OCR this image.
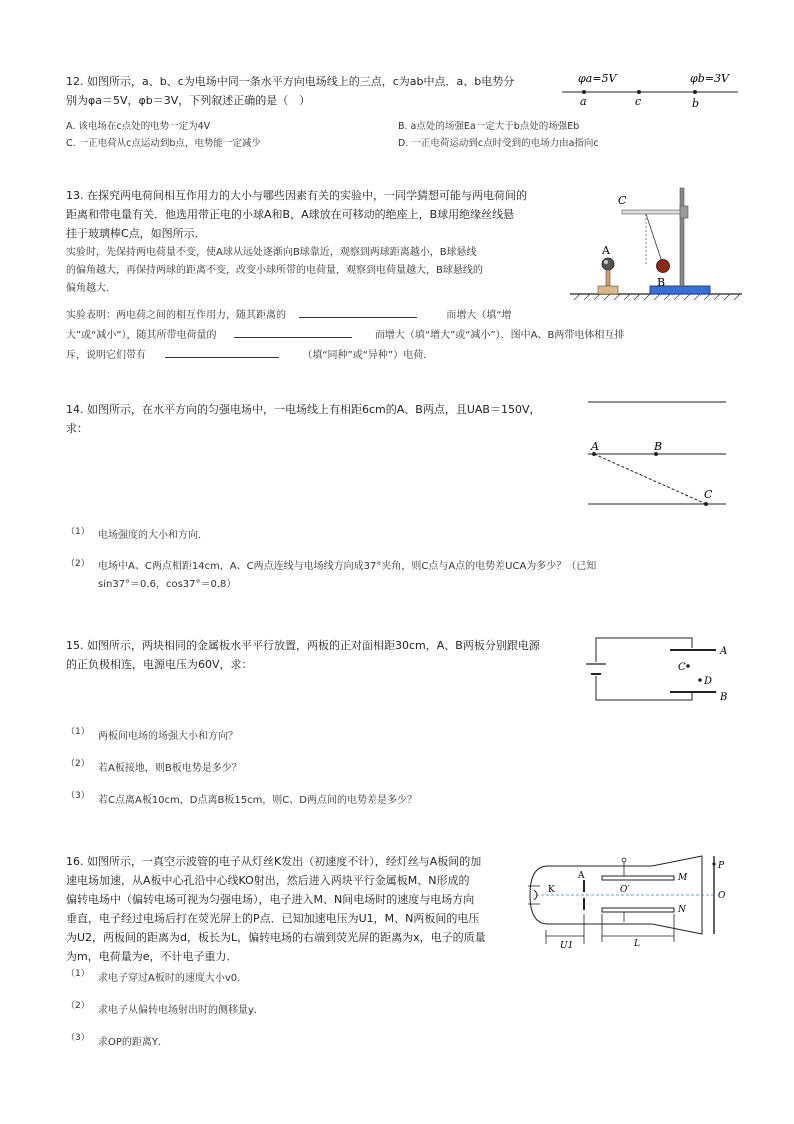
12. 如图所示，a、b、c为电场中同一条水平方向电场线上的三点，c为ab中点．a、b电势分
别为φa＝5V，φb＝3V，下列叙述正确的是（　）
φa=5V	φb=3V
a	c	b
A. 该电场在c点处的电势一定为4V	B. a点处的场强Ea一定大于b点处的场强Eb
C. 一正电荷从c点运动到b点，电势能一定减少	D. 一正电荷运动到c点时受到的电场力由a指向c
13. 在探究两电荷间相互作用力的大小与哪些因素有关的实验中，一同学猜想可能与两电荷间的
距离和带电量有关．他选用带正电的小球A和B，A球放在可移动的绝座上，B球用绝缘丝线悬
挂于玻璃棒C点，如图所示．
实验时，先保持两电荷量不变，使A球从远处逐渐向B球靠近，观察到两球距离越小，B球悬线
的偏角越大，再保持两球的距离不变，改变小球所带的电荷量，观察到电荷量越大，B球悬线的
偏角越大．
实验表明：两电荷之间的相互作用力，随其距离的	而增大（填“增
大”或“减小”），随其所带电荷量的	而增大（填“增大”或“减小”）．图中A、B两带电体相互排
斥，说明它们带有	（填“同种”或“异种”）电荷．
C
B
A
14. 如图所示，在水平方向的匀强电场中，一电场线上有相距6cm的A、B两点，且UAB＝150V，
求：
A	B
C
（1） 电场强度的大小和方向．
（2） 电场中A、C两点相距14cm，A、C两点连线与电场线方向成37°夹角，则C点与A点的电势差UCA为多少？（已知
sin37°＝0.6，cos37°＝0.8）
15. 如图所示，两块相同的金属板水平平行放置，两板的正对面相距30cm，A、B两板分别跟电源
的正负极相连，电源电压为60V，求：
A
B
C
D
（1） 两板间电场的场强大小和方向？
（2） 若A板接地，则B板电势是多少？
（3） 若C点离A板10cm，D点离B板15cm，则C、D两点间的电势差是多少？
16. 如图所示，一真空示波管的电子从灯丝K发出（初速度不计），经灯丝与A板间的加
速电场加速，从A板中心孔沿中心线KO射出，然后进入两块平行金属板M、N形成的
偏转电场中（偏转电场可视为匀强电场），电子进入M、N间电场时的速度与电场方向
垂直，电子经过电场后打在荧光屏上的P点．已知加速电压为U1，M、N两板间的电压
为U2，两板间的距离为d，板长为L，偏转电场的右端到荧光屏的距离为x，电子的质量
为m，电荷量为e，不计电子重力．
K
A	M
N
O′
O
P
U1	L
（1） 求电子穿过A板时的速度大小v0．
（2） 求电子从偏转电场射出时的侧移量y．
（3） 求OP的距离Y．
